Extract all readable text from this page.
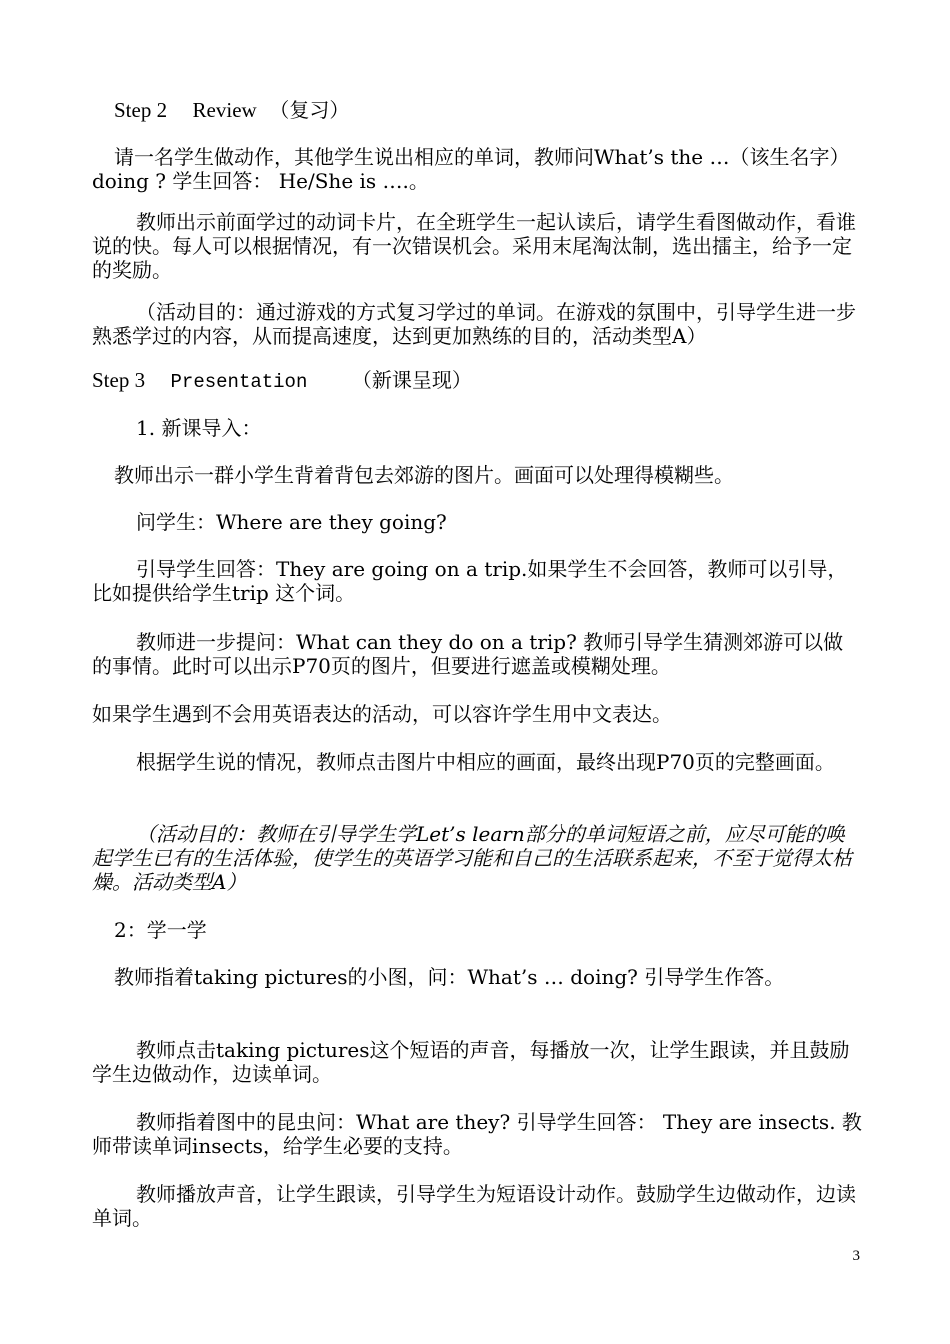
Step 2 Review （复习）

请一名学生做动作，其他学生说出相应的单词，教师问What’s the …（该生名字）doing ? 学生回答： He/She is ….。

教师出示前面学过的动词卡片，在全班学生一起认读后，请学生看图做动作，看谁说的快。每人可以根据情况，有一次错误机会。采用末尾淘汰制，选出擂主，给予一定的奖励。

（活动目的：通过游戏的方式复习学过的单词。在游戏的氛围中，引导学生进一步熟悉学过的内容，从而提高速度，达到更加熟练的目的，活动类型A）

Step 3 Presentation （新课呈现）

1. 新课导入：

教师出示一群小学生背着背包去郊游的图片。画面可以处理得模糊些。

问学生：Where are they going?

引导学生回答：They are going on a trip.如果学生不会回答，教师可以引导，比如提供给学生trip 这个词。

教师进一步提问：What can they do on a trip? 教师引导学生猜测郊游可以做的事情。此时可以出示P70页的图片，但要进行遮盖或模糊处理。

如果学生遇到不会用英语表达的活动，可以容许学生用中文表达。

根据学生说的情况，教师点击图片中相应的画面，最终出现P70页的完整画面。

（活动目的：教师在引导学生学Let’s learn部分的单词短语之前，应尽可能的唤起学生已有的生活体验，使学生的英语学习能和自己的生活联系起来，不至于觉得太枯燥。活动类型A）

2：学一学

教师指着taking pictures的小图，问：What’s … doing? 引导学生作答。

教师点击taking pictures这个短语的声音，每播放一次，让学生跟读，并且鼓励学生边做动作，边读单词。

教师指着图中的昆虫问：What are they? 引导学生回答： They are insects. 教师带读单词insects，给学生必要的支持。

教师播放声音，让学生跟读，引导学生为短语设计动作。鼓励学生边做动作，边读单词。

3
